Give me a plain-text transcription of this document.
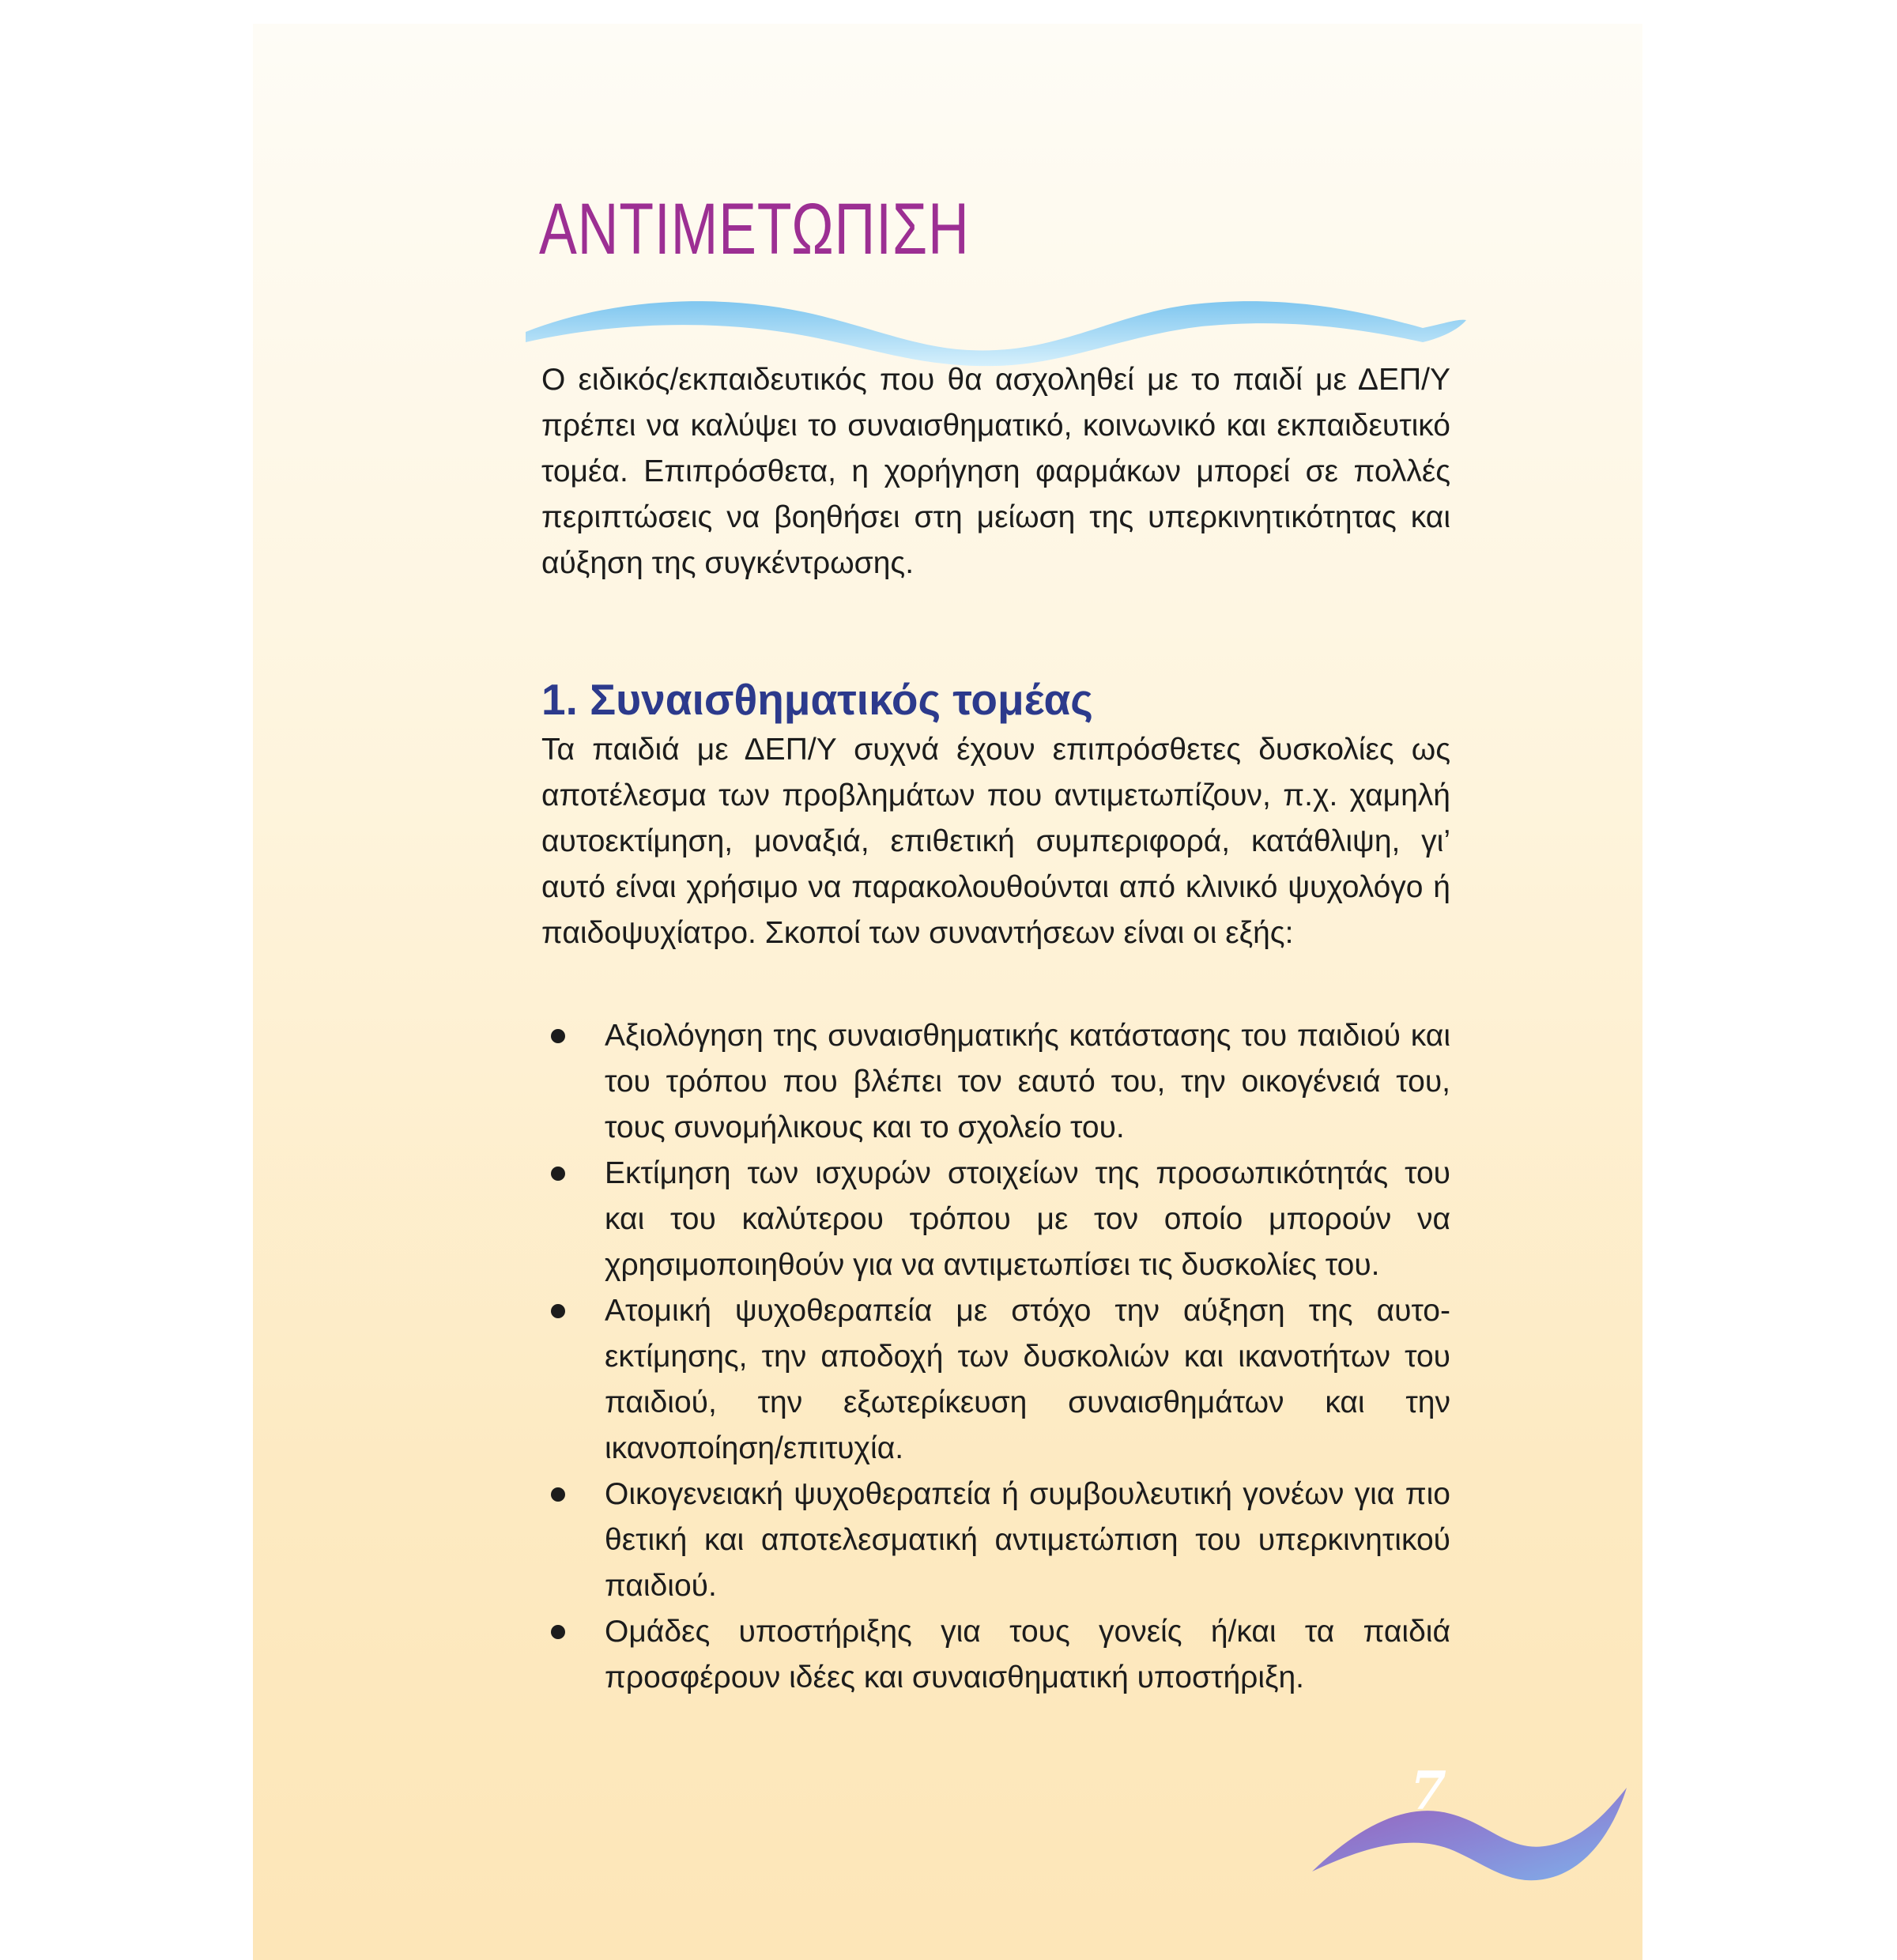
ΑΝΤΙΜΕΤΩΠΙΣΗ

Ο ειδικός/εκπαιδευτικός που θα ασχοληθεί με το παιδί με ΔΕΠ/Υ πρέπει να καλύψει το συναισθηματικό, κοινωνικό και εκπαιδευτικό τομέα. Επιπρόσθετα, η χορήγηση φαρμάκων μπορεί σε πολλές περιπτώσεις να βοηθήσει στη μείωση της υπερκινητικότητας και αύξηση της συγκέντρωσης.

1. Συναισθηματικός τομέας

Τα παιδιά με ΔΕΠ/Υ συχνά έχουν επιπρόσθετες δυσκολίες ως αποτέλεσμα των προβλημάτων που αντιμετωπίζουν, π.χ. χαμηλή αυτοεκτίμηση, μοναξιά, επιθετική συμπεριφορά, κατάθλιψη, γι’ αυτό είναι χρήσιμο να παρακολουθούνται από κλινικό ψυχολόγο ή παιδοψυχίατρο. Σκοποί των συναντήσεων είναι οι εξής:

Αξιολόγηση της συναισθηματικής κατάστασης του παιδιού και του τρόπου που βλέπει τον εαυτό του, την οικογένειά του, τους συνομήλικους και το σχολείο του.
Εκτίμηση των ισχυρών στοιχείων της προσωπικότητάς του και του καλύτερου τρόπου με τον οποίο μπορούν να χρησιμοποιηθούν για να αντιμετωπίσει τις δυσκολίες του.
Ατομική ψυχοθεραπεία με στόχο την αύξηση της αυτοεκτίμησης, την αποδοχή των δυσκολιών και ικανοτήτων του παιδιού, την εξωτερίκευση συναισθημάτων και την ικανοποίηση/επιτυχία.
Οικογενειακή ψυχοθεραπεία ή συμβουλευτική γονέων για πιο θετική και αποτελεσματική αντιμετώπιση του υπερκινητικού παιδιού.
Ομάδες υποστήριξης για τους γονείς ή/και τα παιδιά προσφέρουν ιδέες και συναισθηματική υποστήριξη.

7
